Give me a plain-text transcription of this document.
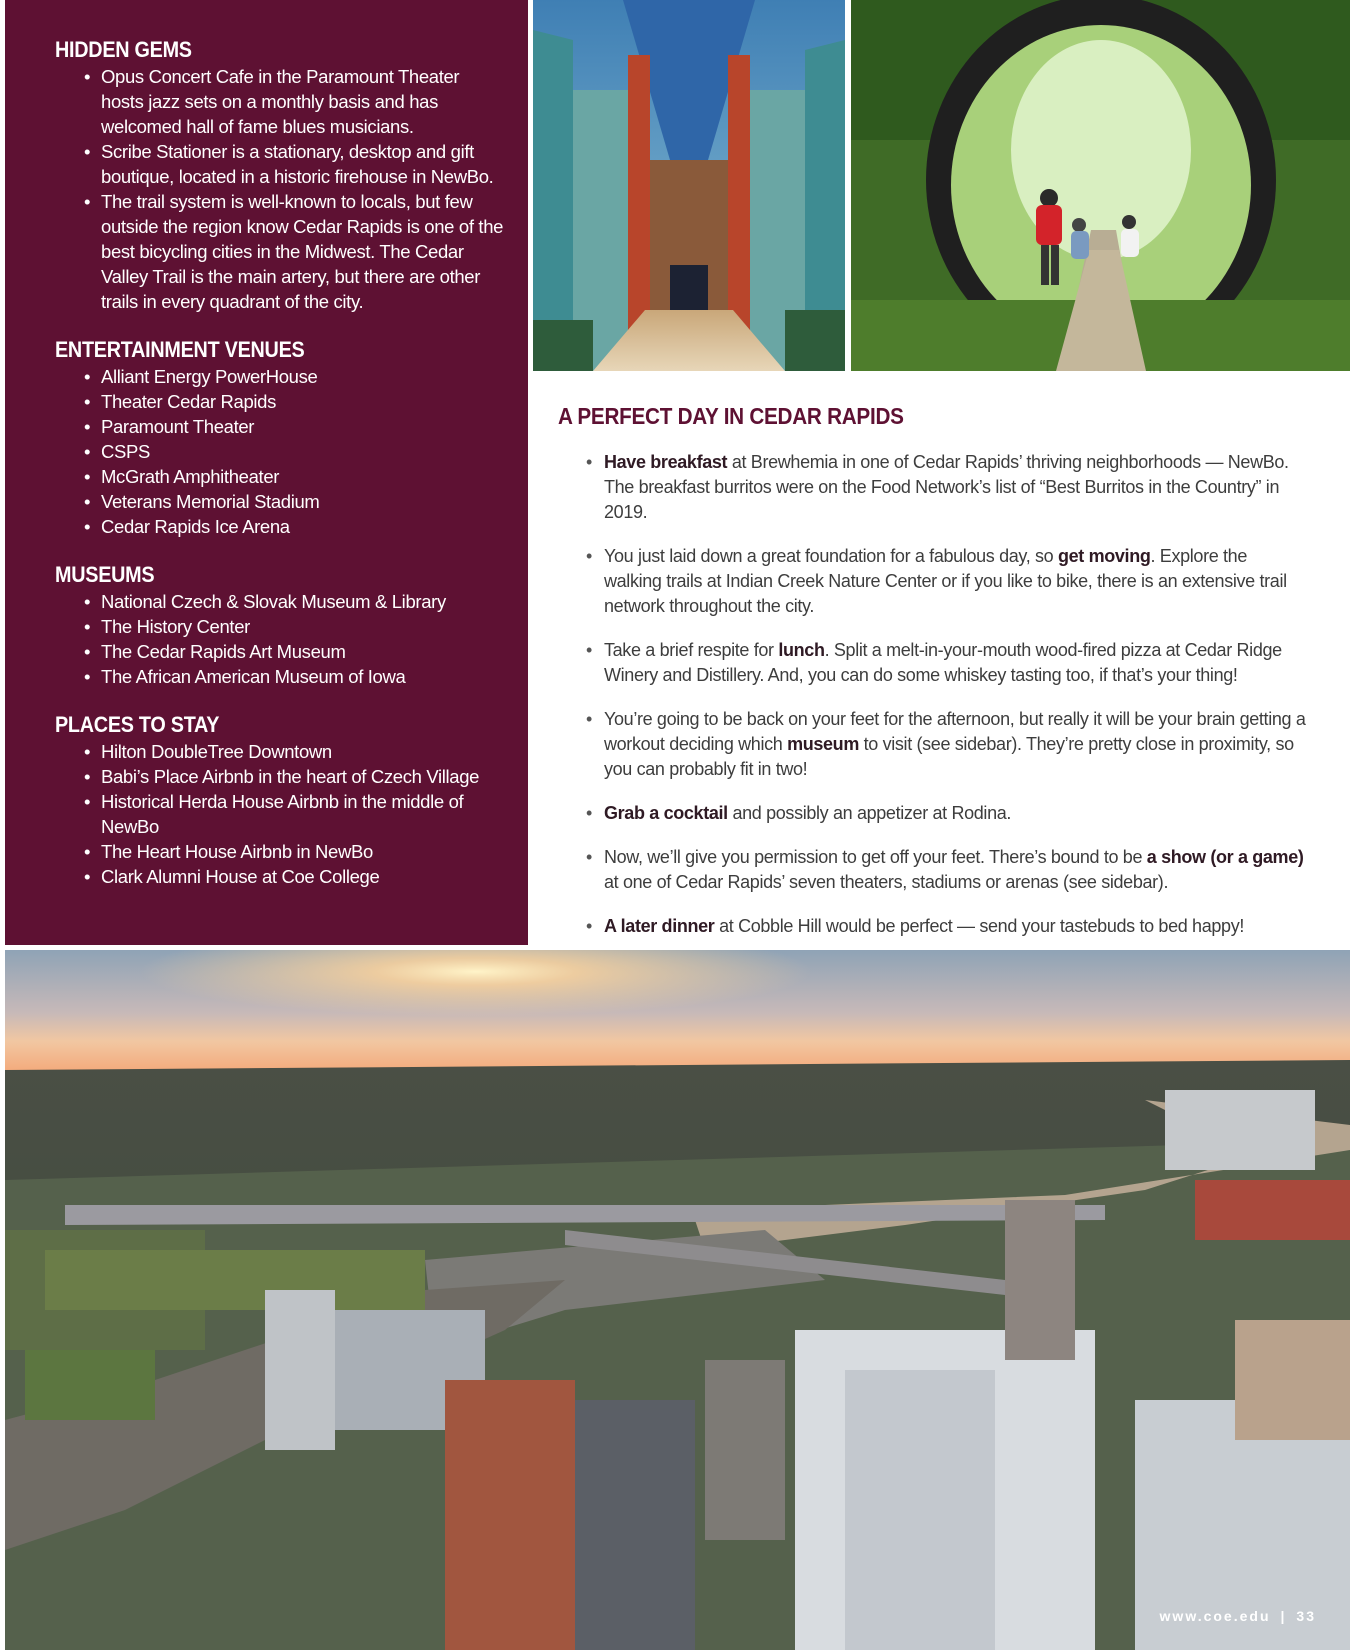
HIDDEN GEMS
• Opus Concert Cafe in the Paramount Theater hosts jazz sets on a monthly basis and has welcomed hall of fame blues musicians.
• Scribe Stationer is a stationary, desktop and gift boutique, located in a historic firehouse in NewBo.
• The trail system is well-known to locals, but few outside the region know Cedar Rapids is one of the best bicycling cities in the Midwest. The Cedar Valley Trail is the main artery, but there are other trails in every quadrant of the city.
ENTERTAINMENT VENUES
• Alliant Energy PowerHouse
• Theater Cedar Rapids
• Paramount Theater
• CSPS
• McGrath Amphitheater
• Veterans Memorial Stadium
• Cedar Rapids Ice Arena
MUSEUMS
• National Czech & Slovak Museum & Library
• The History Center
• The Cedar Rapids Art Museum
• The African American Museum of Iowa
PLACES TO STAY
• Hilton DoubleTree Downtown
• Babi’s Place Airbnb in the heart of Czech Village
• Historical Herda House Airbnb in the middle of NewBo
• The Heart House Airbnb in NewBo
• Clark Alumni House at Coe College
A PERFECT DAY IN CEDAR RAPIDS
• Have breakfast at Brewhemia in one of Cedar Rapids’ thriving neighborhoods — NewBo. The breakfast burritos were on the Food Network’s list of “Best Burritos in the Country” in 2019.
• You just laid down a great foundation for a fabulous day, so get moving. Explore the walking trails at Indian Creek Nature Center or if you like to bike, there is an extensive trail network throughout the city.
• Take a brief respite for lunch. Split a melt-in-your-mouth wood-fired pizza at Cedar Ridge Winery and Distillery. And, you can do some whiskey tasting too, if that’s your thing!
• You’re going to be back on your feet for the afternoon, but really it will be your brain getting a workout deciding which museum to visit (see sidebar). They’re pretty close in proximity, so you can probably fit in two!
• Grab a cocktail and possibly an appetizer at Rodina.
• Now, we’ll give you permission to get off your feet. There’s bound to be a show (or a game) at one of Cedar Rapids’ seven theaters, stadiums or arenas (see sidebar).
• A later dinner at Cobble Hill would be perfect — send your tastebuds to bed happy!
www.coe.edu | 33
